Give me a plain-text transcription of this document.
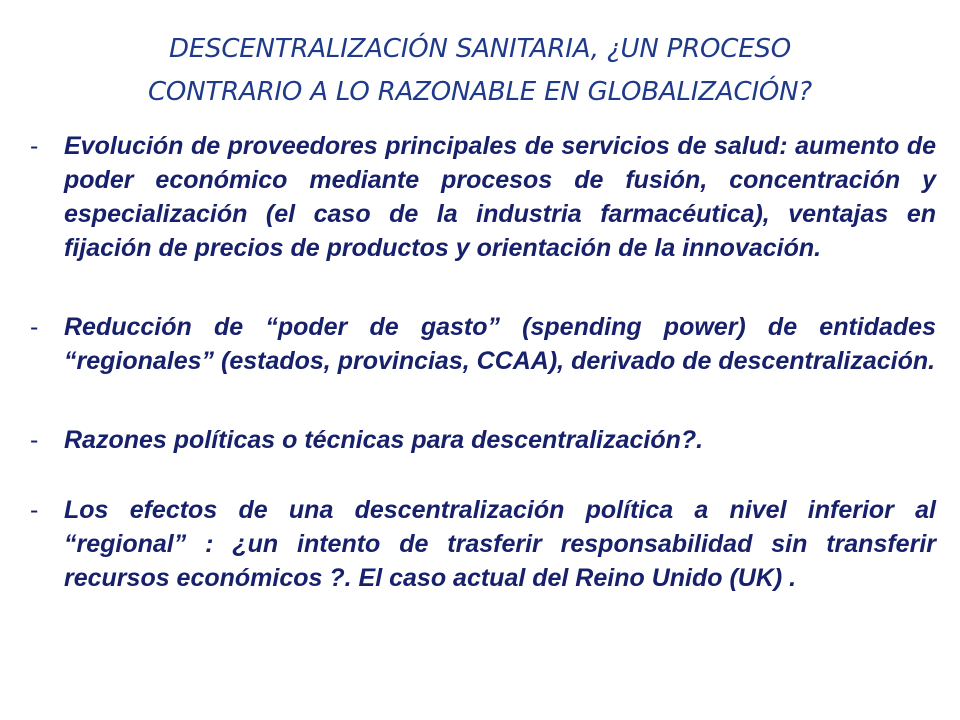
DESCENTRALIZACIÓN SANITARIA, ¿UN PROCESO
CONTRARIO A LO RAZONABLE EN GLOBALIZACIÓN?
- Evolución de proveedores principales de servicios de salud: aumento de poder económico mediante procesos de fusión, concentración y especialización (el caso de la industria farmacéutica), ventajas en fijación de precios de productos y orientación de la innovación.
- Reducción de “poder de gasto” (spending power) de entidades “regionales” (estados, provincias, CCAA), derivado de descentralización.
- Razones políticas o técnicas para descentralización?.
- Los efectos de una descentralización política a nivel inferior al “regional” : ¿un intento de trasferir responsabilidad sin transferir recursos económicos ?. El caso actual del Reino Unido (UK) .
